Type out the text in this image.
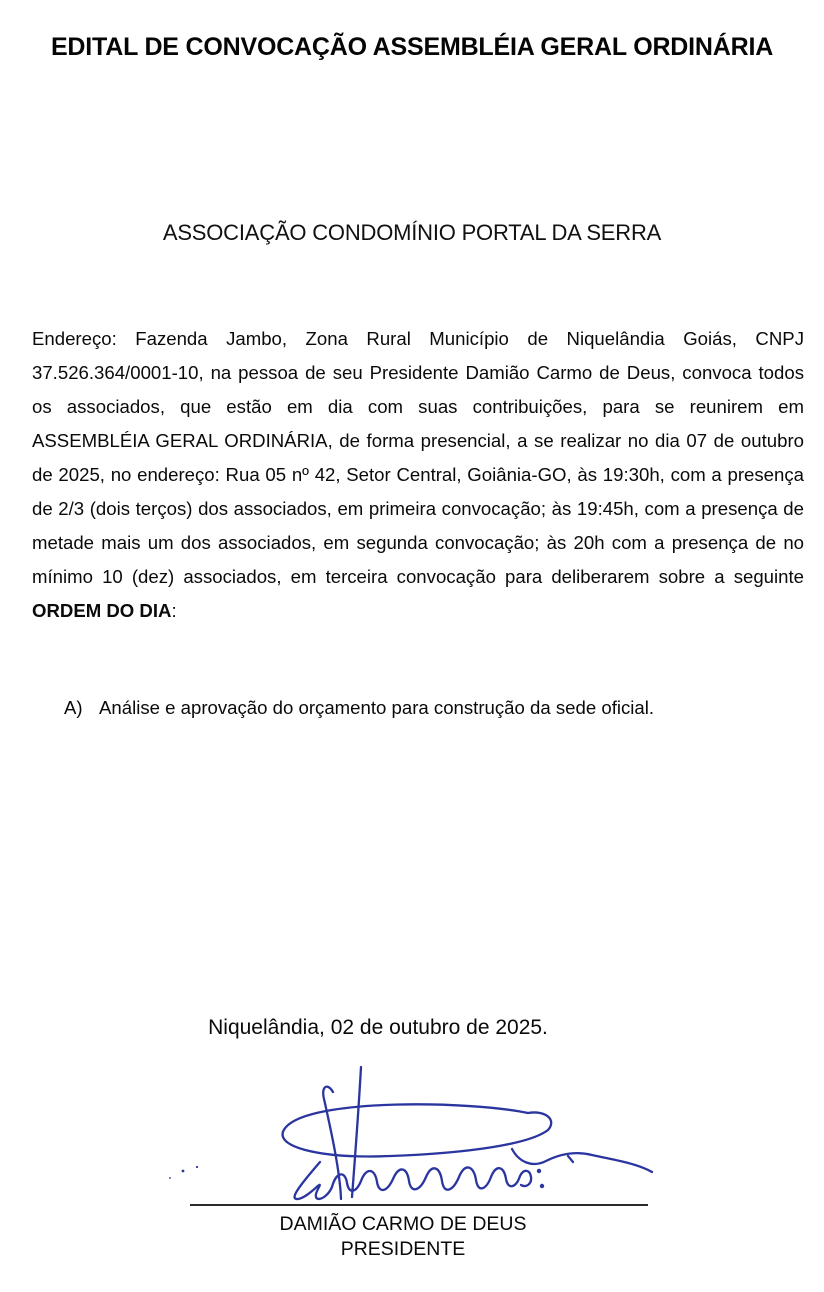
EDITAL DE CONVOCAÇÃO ASSEMBLÉIA GERAL ORDINÁRIA
ASSOCIAÇÃO CONDOMÍNIO PORTAL DA SERRA
Endereço: Fazenda Jambo, Zona Rural Município de Niquelândia Goiás, CNPJ 37.526.364/0001-10, na pessoa de seu Presidente Damião Carmo de Deus, convoca todos os associados, que estão em dia com suas contribuições, para se reunirem em ASSEMBLÉIA GERAL ORDINÁRIA, de forma presencial, a se realizar no dia 07 de outubro de 2025, no endereço: Rua 05 nº 42, Setor Central, Goiânia-GO, às 19:30h, com a presença de 2/3 (dois terços) dos associados, em primeira convocação; às 19:45h, com a presença de metade mais um dos associados, em segunda convocação; às 20h com a presença de no mínimo 10 (dez) associados, em terceira convocação para deliberarem sobre a seguinte ORDEM DO DIA:
A) Análise e aprovação do orçamento para construção da sede oficial.
Niquelândia, 02 de outubro de 2025.
DAMIÃO CARMO DE DEUS
PRESIDENTE
